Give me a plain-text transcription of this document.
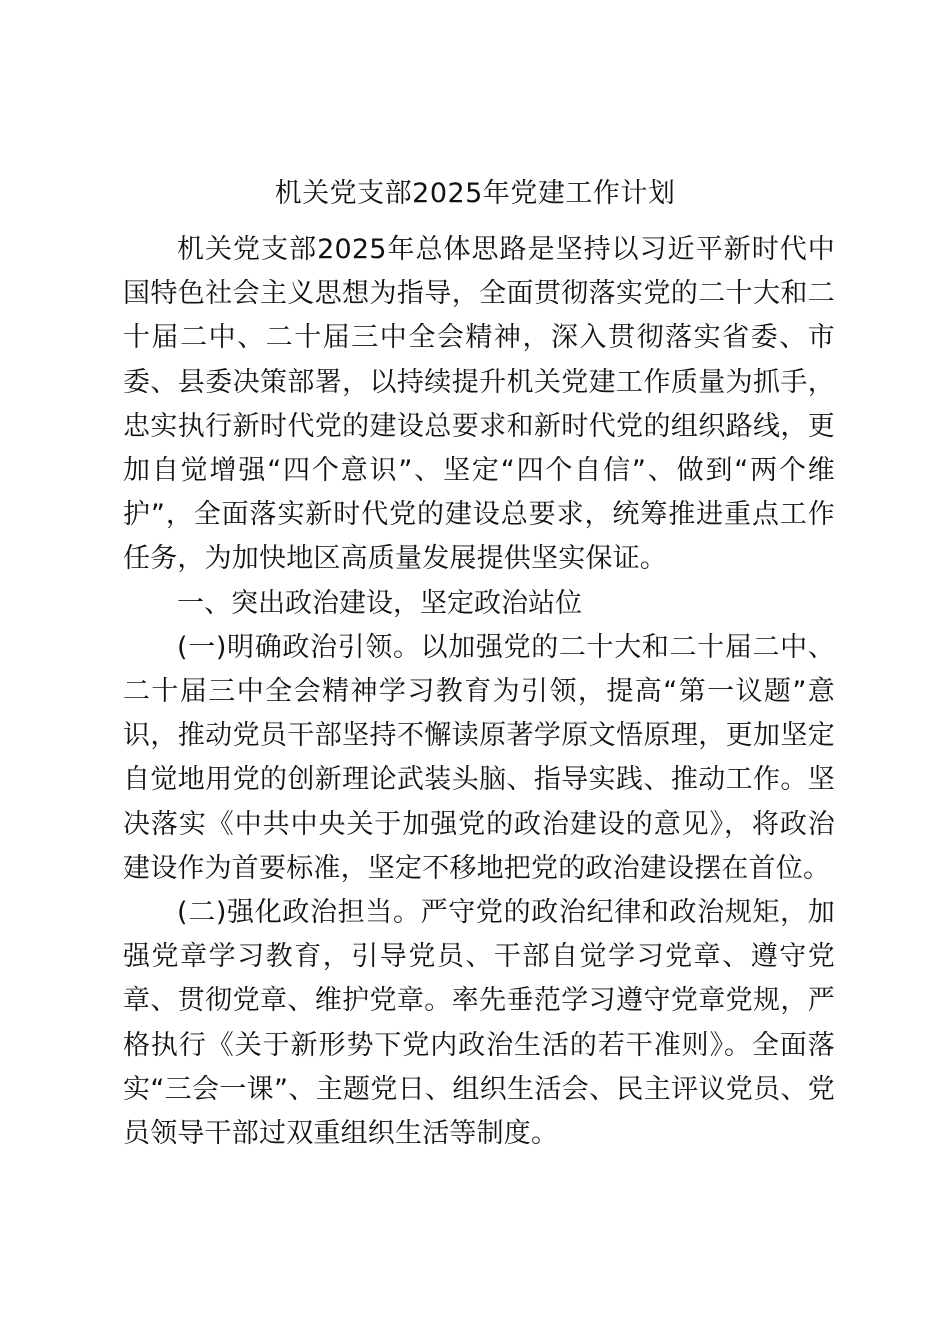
机关党支部2025年党建工作计划

机关党支部2025年总体思路是坚持以习近平新时代中国特色社会主义思想为指导，全面贯彻落实党的二十大和二十届二中、二十届三中全会精神，深入贯彻落实省委、市委、县委决策部署，以持续提升机关党建工作质量为抓手，忠实执行新时代党的建设总要求和新时代党的组织路线，更加自觉增强“四个意识”、坚定“四个自信”、做到“两个维护”，全面落实新时代党的建设总要求，统筹推进重点工作任务，为加快地区高质量发展提供坚实保证。

一、突出政治建设，坚定政治站位

(一)明确政治引领。以加强党的二十大和二十届二中、二十届三中全会精神学习教育为引领，提高“第一议题”意识，推动党员干部坚持不懈读原著学原文悟原理，更加坚定自觉地用党的创新理论武装头脑、指导实践、推动工作。坚决落实《中共中央关于加强党的政治建设的意见》，将政治建设作为首要标准，坚定不移地把党的政治建设摆在首位。

(二)强化政治担当。严守党的政治纪律和政治规矩，加强党章学习教育，引导党员、干部自觉学习党章、遵守党章、贯彻党章、维护党章。率先垂范学习遵守党章党规，严格执行《关于新形势下党内政治生活的若干准则》。全面落实“三会一课”、主题党日、组织生活会、民主评议党员、党员领导干部过双重组织生活等制度。
